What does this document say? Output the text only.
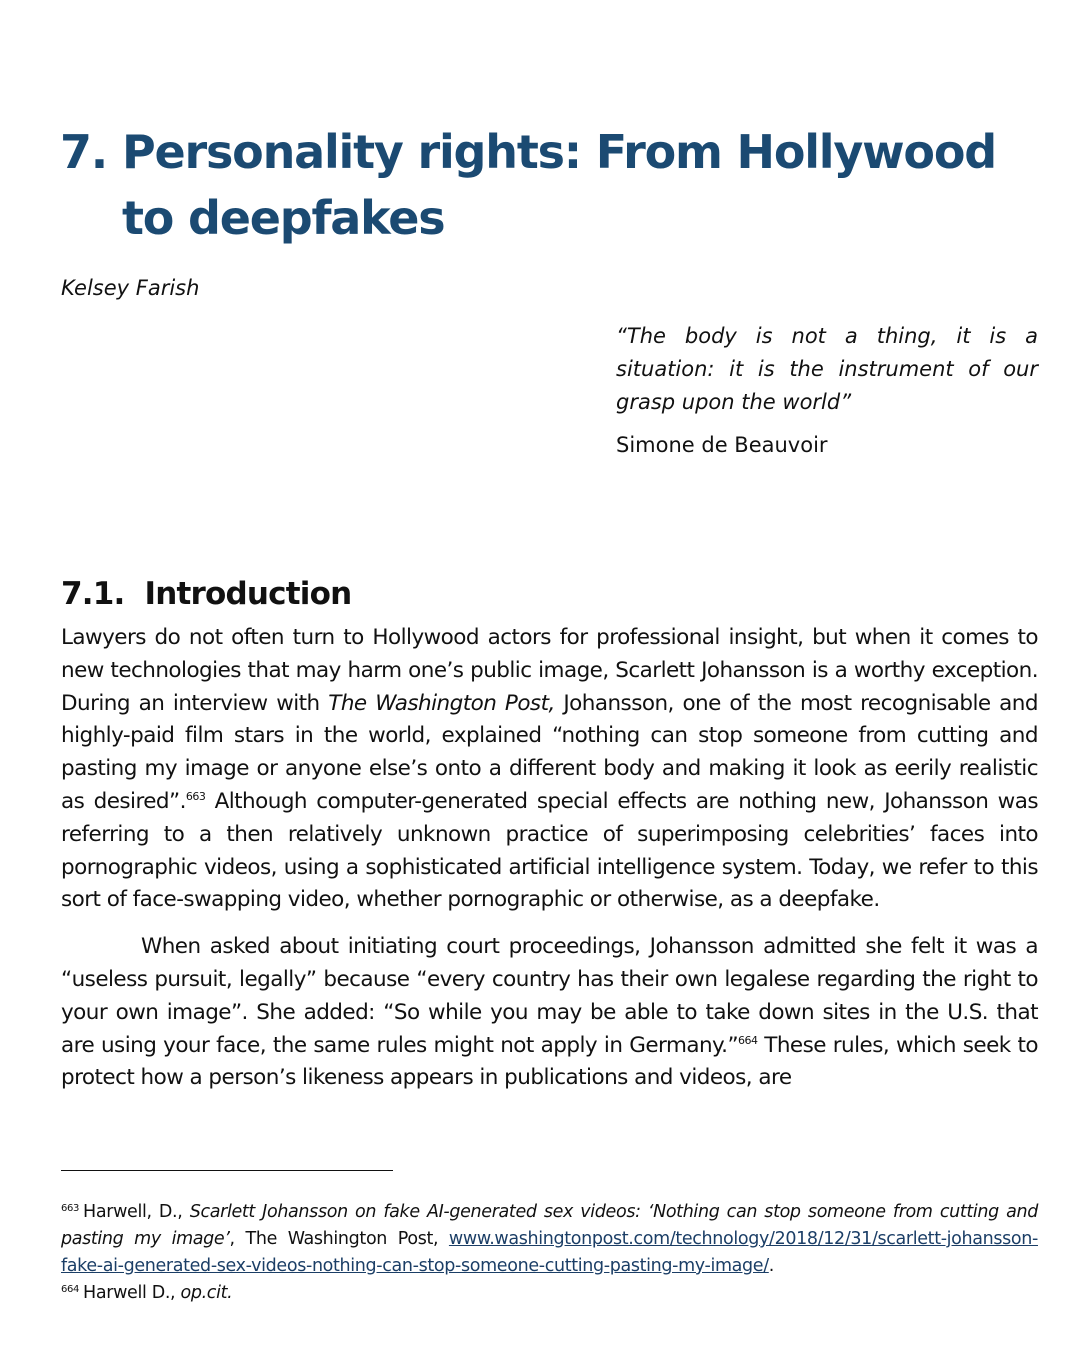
7. Personality rights: From Hollywood to deepfakes
Kelsey Farish

“The body is not a thing, it is a situation: it is the instrument of our grasp upon the world”

Simone de Beauvoir
7.1. Introduction

Lawyers do not often turn to Hollywood actors for professional insight, but when it comes to new technologies that may harm one’s public image, Scarlett Johansson is a worthy exception. During an interview with The Washington Post, Johansson, one of the most recognisable and highly-paid film stars in the world, explained “nothing can stop someone from cutting and pasting my image or anyone else’s onto a different body and making it look as eerily realistic as desired”.$^{663}$ Although computer-generated special effects are nothing new, Johansson was referring to a then relatively unknown practice of superimposing celebrities’ faces into pornographic videos, using a sophisticated artificial intelligence system. Today, we refer to this sort of face-swapping video, whether pornographic or otherwise, as a deepfake.

When asked about initiating court proceedings, Johansson admitted she felt it was a “useless pursuit, legally” because “every country has their own legalese regarding the right to your own image”. She added: “So while you may be able to take down sites in the U.S. that are using your face, the same rules might not apply in Germany.”$^{664}$ These rules, which seek to protect how a person’s likeness appears in publications and videos, are

$^{663}$ Harwell, D., Scarlett Johansson on fake AI-generated sex videos: ‘Nothing can stop someone from cutting and pasting my image’, The Washington Post, www.washingtonpost.com/technology/2018/12/31/scarlett-johansson-fake-ai-generated-sex-videos-nothing-can-stop-someone-cutting-pasting-my-image/.

$^{664}$ Harwell D., op.cit.
